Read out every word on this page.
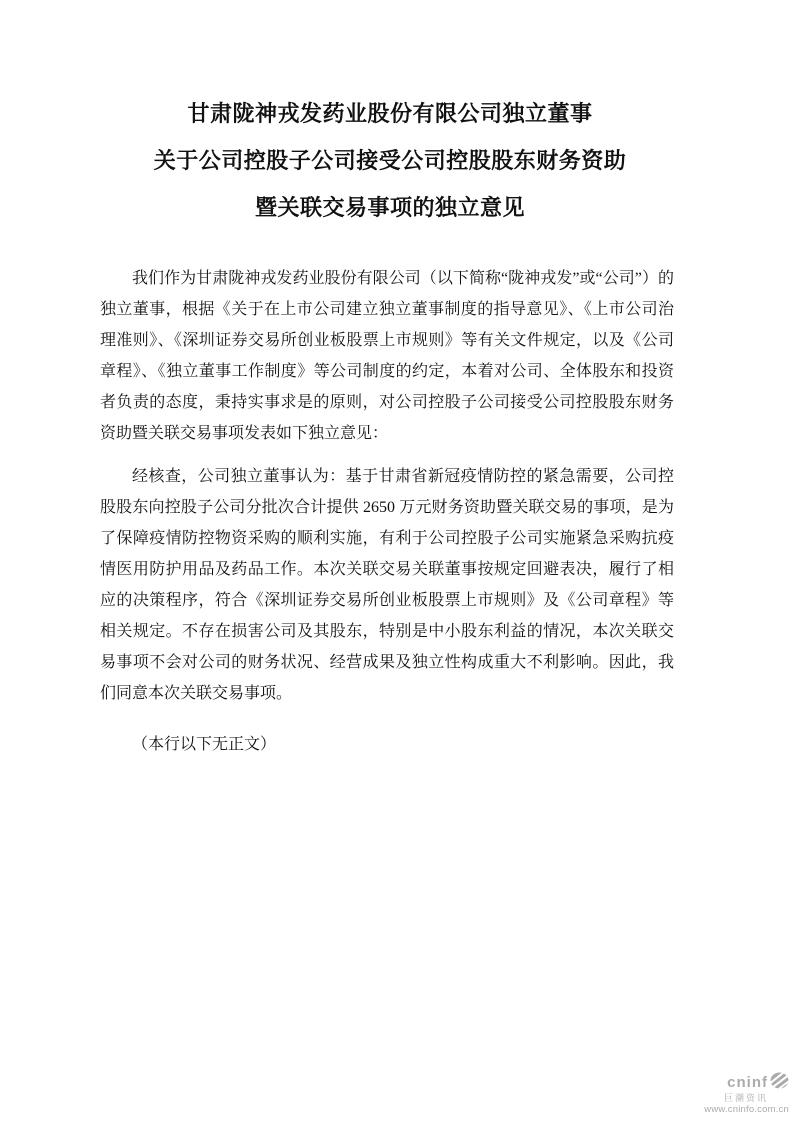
甘肃陇神戎发药业股份有限公司独立董事
关于公司控股子公司接受公司控股股东财务资助
暨关联交易事项的独立意见

我们作为甘肃陇神戎发药业股份有限公司（以下简称“陇神戎发”或“公司”）的独立董事，根据《关于在上市公司建立独立董事制度的指导意见》、《上市公司治理准则》、《深圳证券交易所创业板股票上市规则》等有关文件规定，以及《公司章程》、《独立董事工作制度》等公司制度的约定，本着对公司、全体股东和投资者负责的态度，秉持实事求是的原则，对公司控股子公司接受公司控股股东财务资助暨关联交易事项发表如下独立意见：

经核查，公司独立董事认为：基于甘肃省新冠疫情防控的紧急需要，公司控股股东向控股子公司分批次合计提供 2650 万元财务资助暨关联交易的事项，是为了保障疫情防控物资采购的顺利实施，有利于公司控股子公司实施紧急采购抗疫情医用防护用品及药品工作。本次关联交易关联董事按规定回避表决，履行了相应的决策程序，符合《深圳证券交易所创业板股票上市规则》及《公司章程》等相关规定。不存在损害公司及其股东，特别是中小股东利益的情况，本次关联交易事项不会对公司的财务状况、经营成果及独立性构成重大不利影响。因此，我们同意本次关联交易事项。

（本行以下无正文）

cninf
巨潮资讯
www.cninfo.com.cn
